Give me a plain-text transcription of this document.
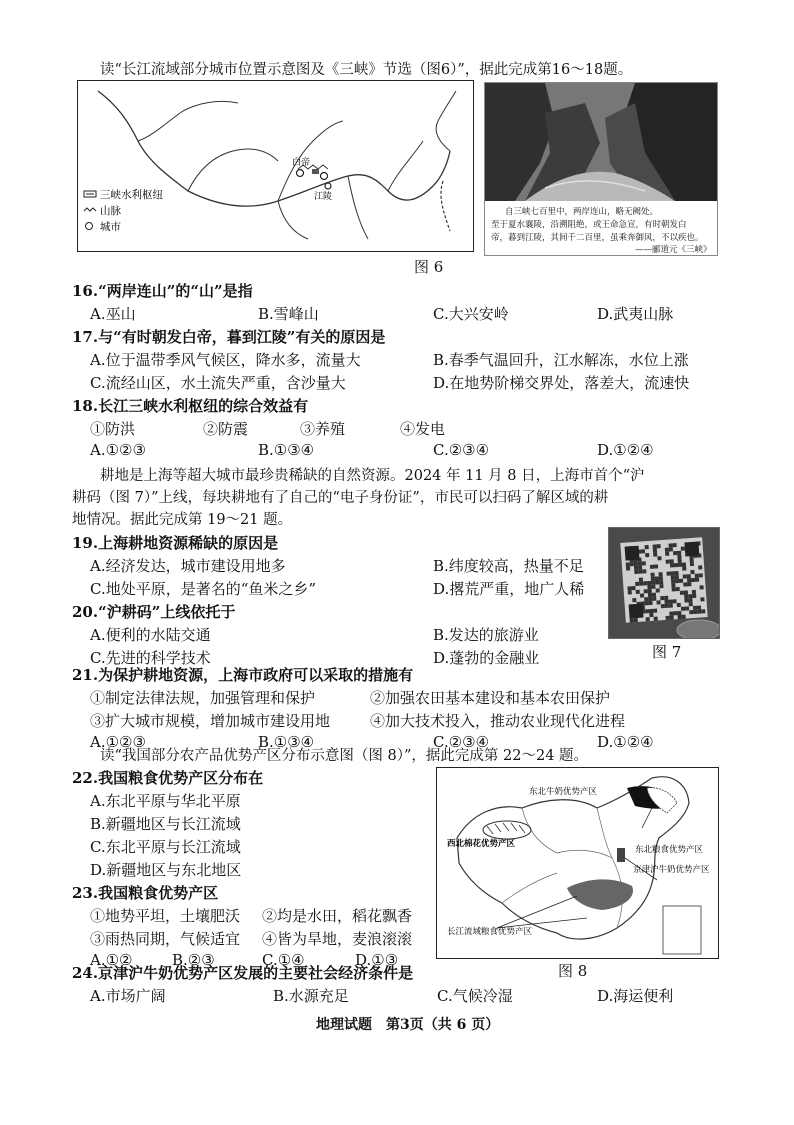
读“长江流域部分城市位置示意图及《三峡》节选（图6）”，据此完成第16～18题。
白帝
江陵
三峡水利枢纽
山脉
城市
自三峡七百里中，两岸连山，略无阙处。
至于夏水襄陵，沿溯阻绝，或王命急宣，有时朝发白
帝，暮到江陵，其间千二百里，虽乘奔御风，不以疾也。
——郦道元《三峡》
图 6
16.“两岸连山”的“山”是指
A.巫山	B.雪峰山	C.大兴安岭	D.武夷山脉
17.与“有时朝发白帝，暮到江陵”有关的原因是
A.位于温带季风气候区，降水多，流量大	B.春季气温回升，江水解冻，水位上涨
C.流经山区，水土流失严重，含沙量大	D.在地势阶梯交界处，落差大，流速快
18.长江三峡水利枢纽的综合效益有
①防洪	②防震	③养殖	④发电
A.①②③	B.①③④	C.②③④	D.①②④
耕地是上海等超大城市最珍贵稀缺的自然资源。2024 年 11 月 8 日，上海市首个“沪
耕码（图 7）”上线，每块耕地有了自己的“电子身份证”，市民可以扫码了解区域的耕
地情况。据此完成第 19～21 题。
19.上海耕地资源稀缺的原因是
A.经济发达，城市建设用地多	B.纬度较高，热量不足
C.地处平原，是著名的“鱼米之乡”	D.撂荒严重，地广人稀
20.“沪耕码”上线依托于
A.便利的水陆交通	B.发达的旅游业
C.先进的科学技术	D.蓬勃的金融业	图 7
21.为保护耕地资源，上海市政府可以采取的措施有
①制定法律法规，加强管理和保护	②加强农田基本建设和基本农田保护
③扩大城市规模，增加城市建设用地	④加大技术投入，推动农业现代化进程
A.①②③	B.①③④	C.②③④	D.①②④
读“我国部分农产品优势产区分布示意图（图 8）”，据此完成第 22～24 题。
22.我国粮食优势产区分布在
A.东北平原与华北平原
B.新疆地区与长江流域
C.东北平原与长江流域
D.新疆地区与东北地区
23.我国粮食优势产区
①地势平坦，土壤肥沃 ②均是水田，稻花飘香
③雨热同期，气候适宜 ④皆为旱地，麦浪滚滚
A.①②	B.②③	C.①④	D.①③
东北牛奶优势产区
西北棉花优势产区
东北粮食优势产区
京津沪牛奶优势产区
长江流域粮食优势产区
图 8
24.京津沪牛奶优势产区发展的主要社会经济条件是
A.市场广阔	B.水源充足	C.气候冷湿	D.海运便利
地理试题　第3页（共 6 页）
